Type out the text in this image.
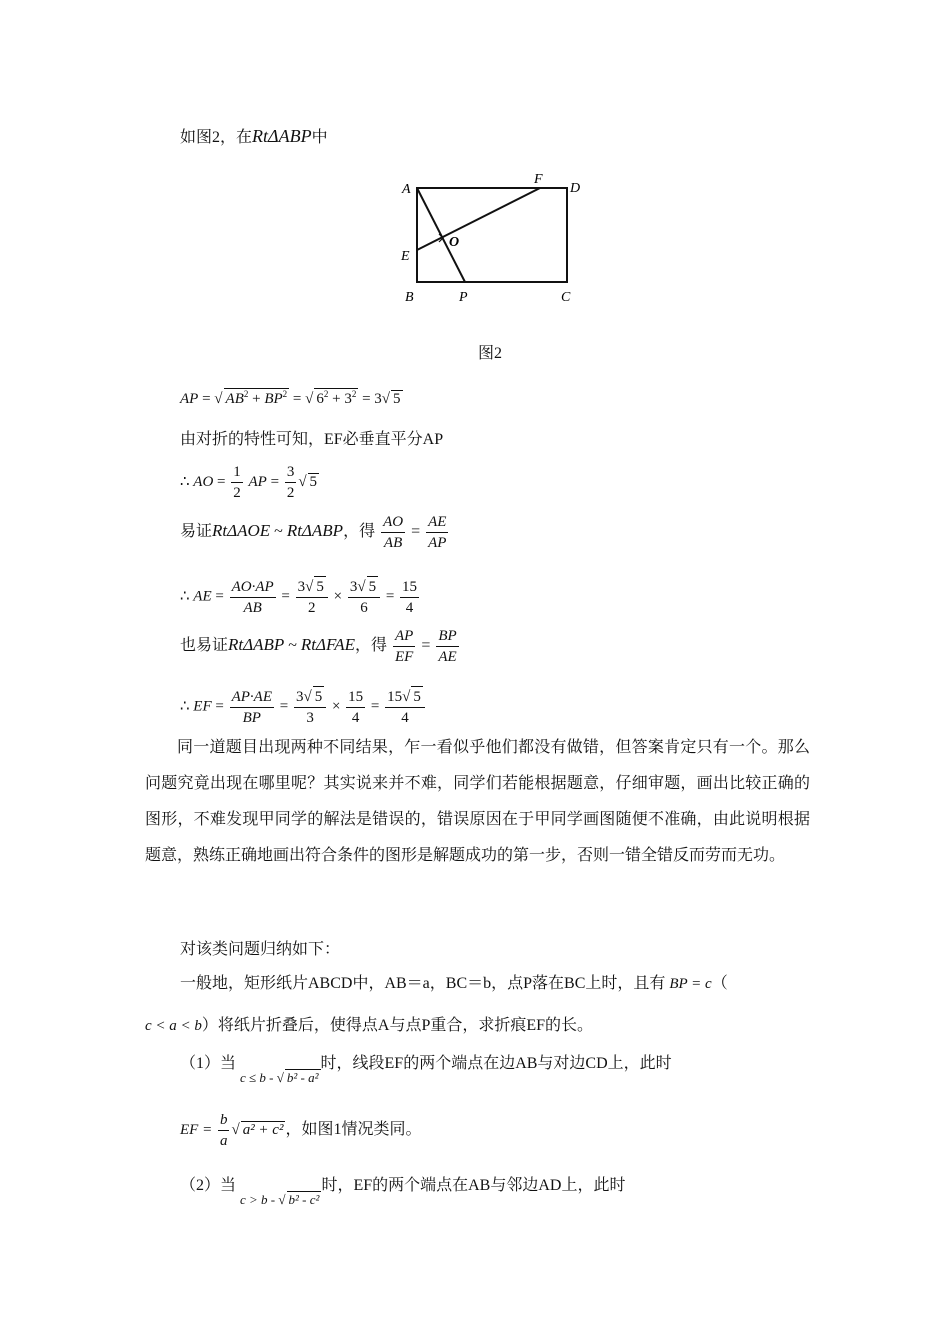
如图2，在RtΔABP中
A
F
D
E
O
B	P	C
图2
AP = √ $AB^2 + BP^2$ = √ $6^2 + 3^2 = 3√$ 5
由对折的特性可知，EF必垂直平分AP
∴ AO = $\frac{1}{2}$ AP = $\frac{3}{2}$ √ 5
易证RtΔAOE ~ RtΔABP，得 $\frac{AO}{AB} = \frac{AE}{AP}$
∴ AE = $\frac{AO\cdot AP}{AB} = \frac{3√ 5}{2} \times \frac{3√ 5}{6} = \frac{15}{4}$
也易证RtΔABP ~ RtΔFAE，得 $\frac{AP}{EF} = \frac{BP}{AE}$
∴ EF = $\frac{AP\cdot AE}{BP} = \frac{3√ 5}{3} \times \frac{15}{4} = \frac{15√ 5}{4}$
同一道题目出现两种不同结果，乍一看似乎他们都没有做错，但答案肯定只有一个。那么问题究竟出现在哪里呢？其实说来并不难，同学们若能根据题意，仔细审题，画出比较正确的图形，不难发现甲同学的解法是错误的，错误原因在于甲同学画图随便不准确，由此说明根据题意，熟练正确地画出符合条件的图形是解题成功的第一步，否则一错全错反而劳而无功。
对该类问题归纳如下：
一般地，矩形纸片ABCD中，AB＝a，BC＝b，点P落在BC上时，且有 BP = c（
c < a < b）将纸片折叠后，使得点A与点P重合，求折痕EF的长。
（1）当 $_{c \le b - √ b^2 - a^2}$时，线段EF的两个端点在边AB与对边CD上，此时
EF = $\frac{b}{a}$ √ a² + c² ，如图1情况类同。
（2）当 $_{c > b - √ b^2 - c^2}$时，EF的两个端点在AB与邻边AD上，此时
